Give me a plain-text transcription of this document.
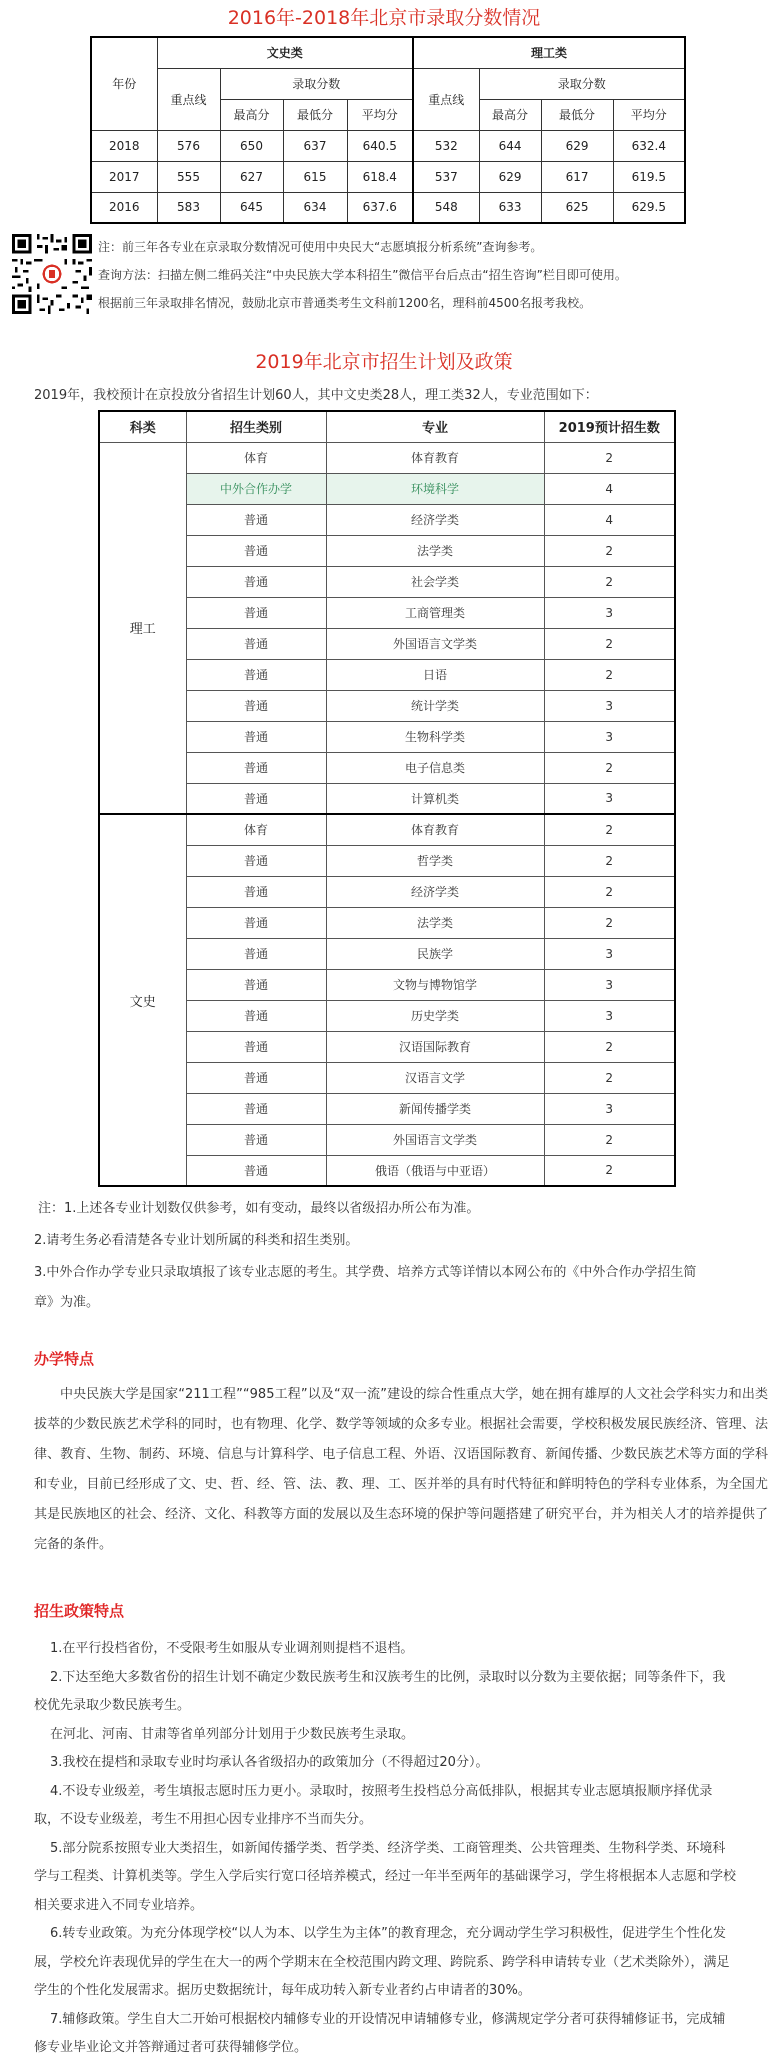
2016年-2018年北京市录取分数情况
年份	文史类				理工类			
	重点线	录取分数			重点线	录取分数		
		最高分	最低分	平均分		最高分	最低分	平均分
2018	576	650	637	640.5	532	644	629	632.4
2017	555	627	615	618.4	537	629	617	619.5
2016	583	645	634	637.6	548	633	625	629.5
注：前三年各专业在京录取分数情况可使用中央民大“志愿填报分析系统”查询参考。
查询方法：扫描左侧二维码关注“中央民族大学本科招生”微信平台后点击“招生咨询”栏目即可使用。
根据前三年录取排名情况，鼓励北京市普通类考生文科前1200名，理科前4500名报考我校。
2019年北京市招生计划及政策
2019年，我校预计在京投放分省招生计划60人，其中文史类28人，理工类32人，专业范围如下：
科类	招生类别	专业	2019预计招生数
理工	体育	体育教育	2
	中外合作办学	环境科学	4
	普通	经济学类	4
	普通	法学类	2
	普通	社会学类	2
	普通	工商管理类	3
	普通	外国语言文学类	2
	普通	日语	2
	普通	统计学类	3
	普通	生物科学类	3
	普通	电子信息类	2
	普通	计算机类	3
文史	体育	体育教育	2
	普通	哲学类	2
	普通	经济学类	2
	普通	法学类	2
	普通	民族学	3
	普通	文物与博物馆学	3
	普通	历史学类	3
	普通	汉语国际教育	2
	普通	汉语言文学	2
	普通	新闻传播学类	3
	普通	外国语言文学类	2
	普通	俄语（俄语与中亚语）	2
注：1.上述各专业计划数仅供参考，如有变动，最终以省级招办所公布为准。
2.请考生务必看清楚各专业计划所属的科类和招生类别。
3.中外合作办学专业只录取填报了该专业志愿的考生。其学费、培养方式等详情以本网公布的《中外合作办学招生简
章》为准。
办学特点
中央民族大学是国家“211工程”“985工程”以及“双一流”建设的综合性重点大学，她在拥有雄厚的人文社会学科实力和出类拔萃的少数民族艺术学科的同时，也有物理、化学、数学等领域的众多专业。根据社会需要，学校积极发展民族经济、管理、法律、教育、生物、制药、环境、信息与计算科学、电子信息工程、外语、汉语国际教育、新闻传播、少数民族艺术等方面的学科和专业，目前已经形成了文、史、哲、经、管、法、教、理、工、医并举的具有时代特征和鲜明特色的学科专业体系，为全国尤其是民族地区的社会、经济、文化、科教等方面的发展以及生态环境的保护等问题搭建了研究平台，并为相关人才的培养提供了完备的条件。
招生政策特点
1.在平行投档省份，不受限考生如服从专业调剂则提档不退档。
2.下达至绝大多数省份的招生计划不确定少数民族考生和汉族考生的比例，录取时以分数为主要依据；同等条件下，我
校优先录取少数民族考生。
在河北、河南、甘肃等省单列部分计划用于少数民族考生录取。
3.我校在提档和录取专业时均承认各省级招办的政策加分（不得超过20分）。
4.不设专业级差，考生填报志愿时压力更小。录取时，按照考生投档总分高低排队，根据其专业志愿填报顺序择优录
取，不设专业级差，考生不用担心因专业排序不当而失分。
5.部分院系按照专业大类招生，如新闻传播学类、哲学类、经济学类、工商管理类、公共管理类、生物科学类、环境科
学与工程类、计算机类等。学生入学后实行宽口径培养模式，经过一年半至两年的基础课学习，学生将根据本人志愿和学校
相关要求进入不同专业培养。
6.转专业政策。为充分体现学校“以人为本、以学生为主体”的教育理念，充分调动学生学习积极性，促进学生个性化发
展，学校允许表现优异的学生在大一的两个学期末在全校范围内跨文理、跨院系、跨学科申请转专业（艺术类除外），满足
学生的个性化发展需求。据历史数据统计，每年成功转入新专业者约占申请者的30%。
7.辅修政策。学生自大二开始可根据校内辅修专业的开设情况申请辅修专业，修满规定学分者可获得辅修证书，完成辅
修专业毕业论文并答辩通过者可获得辅修学位。
